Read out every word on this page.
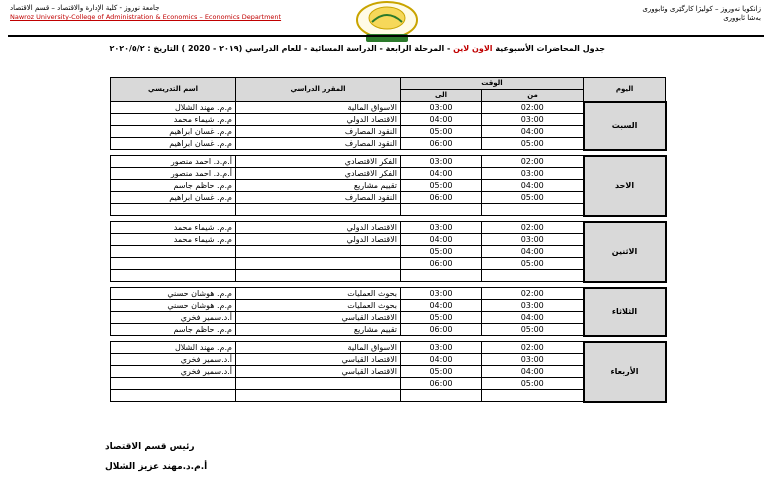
جامعة نوروز - كلية الإدارة والاقتصاد – قسم الاقتصاد
Nawroz University-College of Administration & Economics – Economics Department
زانكويا نەوروز – كوليژا كارگێری وئابووری
بەشا ئابووری
جدول المحاضرات الأسبوعية الاون لاين - المرحلة الرابعة - الدراسة المسائية - للعام الدراسي (٢٠١٩ - 2020 ) التاريخ : ٢٠٢٠/٥/٢
اسم التدريسي	المقرر الدراسي	الوقت		اليوم
		الى	من	
م.م. مهند الشلال	الاسواق المالية	03:00	02:00	السبت
م.م. شيماء محمد	الاقتصاد الدولي	04:00	03:00	
م.م. غسان ابراهيم	النقود المصارف	05:00	04:00	
م.م. غسان ابراهيم	النقود المصارف	06:00	05:00	

أ.م.د. احمد منصور	الفكر الاقتصادي	03:00	02:00	الاحد
أ.م.د. احمد منصور	الفكر الاقتصادي	04:00	03:00	
م.م. حاظم جاسم	تقييم مشاريع	05:00	04:00	
م.م. غسان ابراهيم	النقود المصارف	06:00	05:00	

م.م. شيماء محمد	الاقتصاد الدولي	03:00	02:00	الاثنين
م.م. شيماء محمد	الاقتصاد الدولي	04:00	03:00	
		05:00	04:00	
		06:00	05:00	

م.م. هوشان حسني	بحوث العمليات	03:00	02:00	الثلاثاء
م.م. هوشان حسني	بحوث العمليات	04:00	03:00	
أ.د.سمير فخري	الاقتصاد القياسي	05:00	04:00	
م.م. حاظم جاسم	تقييم مشاريع	06:00	05:00	

م.م. مهند الشلال	الاسواق المالية	03:00	02:00	الأربعاء
أ.د.سمير فخري	الاقتصاد القياسي	04:00	03:00	
أ.د.سمير فخري	الاقتصاد القياسي	05:00	04:00	
		06:00	05:00	

رئيس قسم الاقتصاد
أ.م.د.مهند عزيز الشلال
